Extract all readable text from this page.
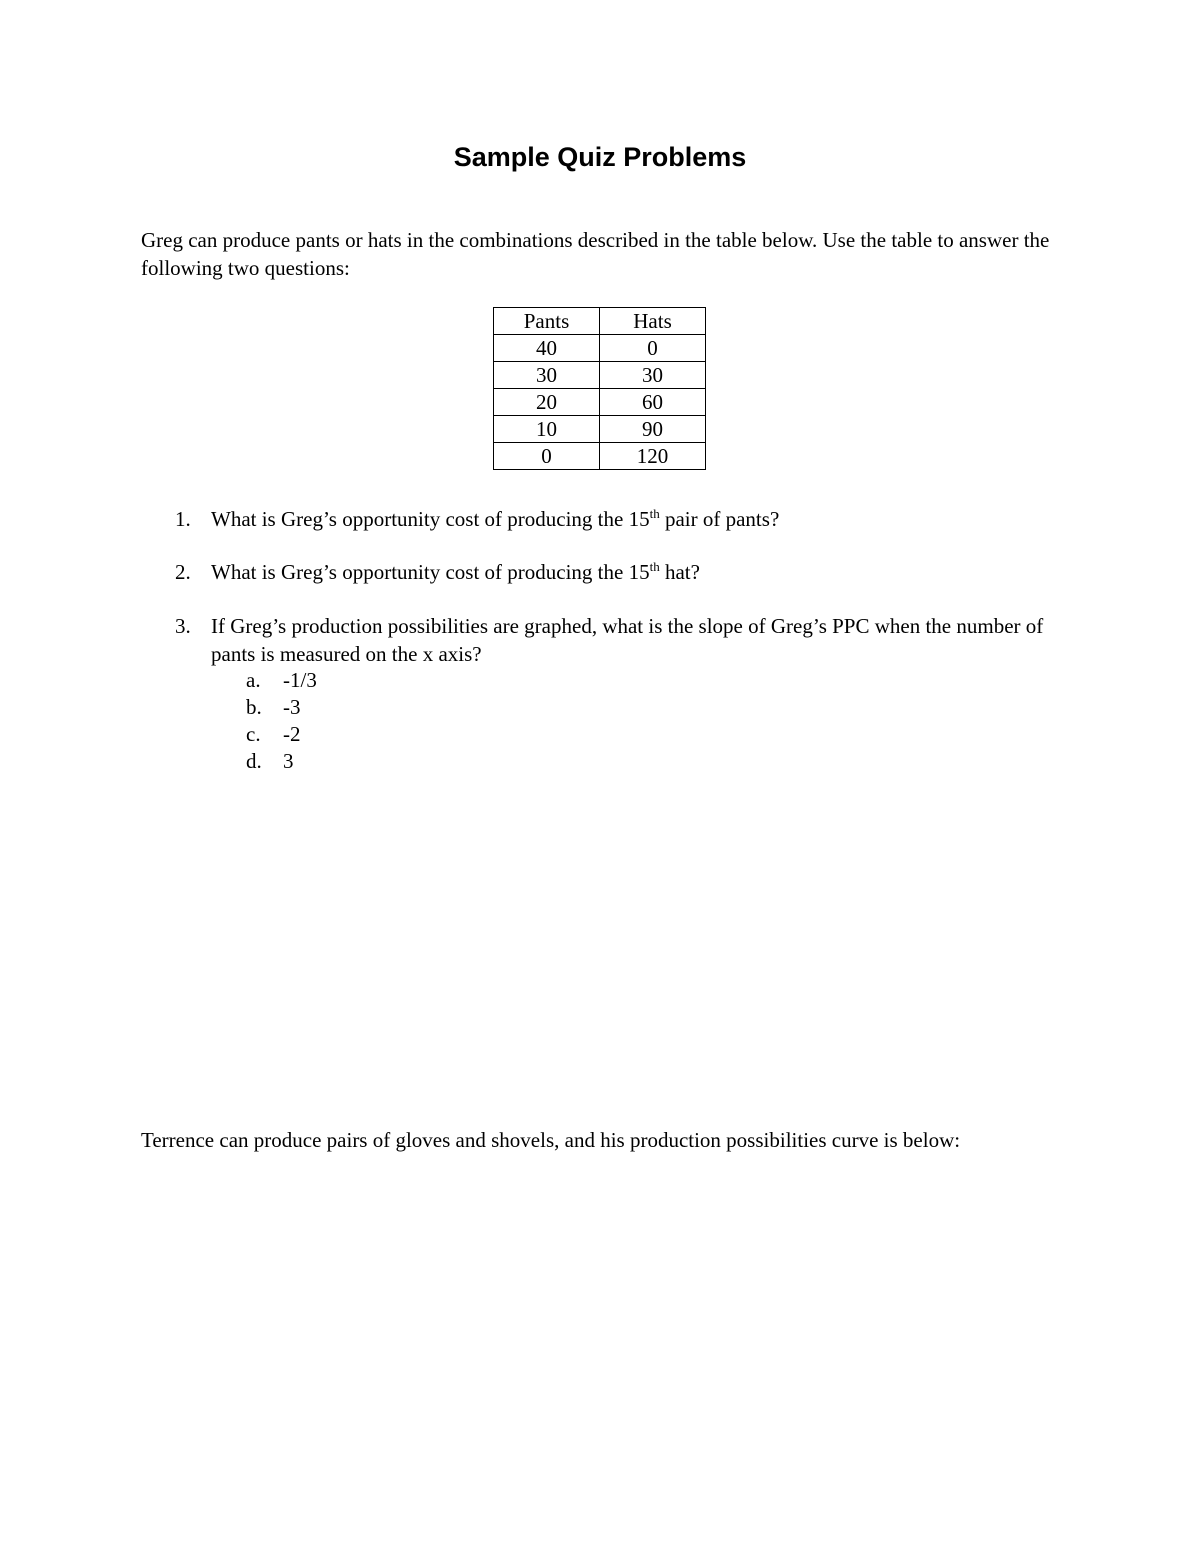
Sample Quiz Problems

Greg can produce pants or hats in the combinations described in the table below. Use the table to answer the following two questions:

Pants	Hats
40	0
30	30
20	60
10	90
0	120
1. What is Greg’s opportunity cost of producing the 15th pair of pants?
2. What is Greg’s opportunity cost of producing the 15th hat?
3. If Greg’s production possibilities are graphed, what is the slope of Greg’s PPC when the number of pants is measured on the x axis?
a. -1/3
b. -3
c. -2
d. 3

Terrence can produce pairs of gloves and shovels, and his production possibilities curve is below:
